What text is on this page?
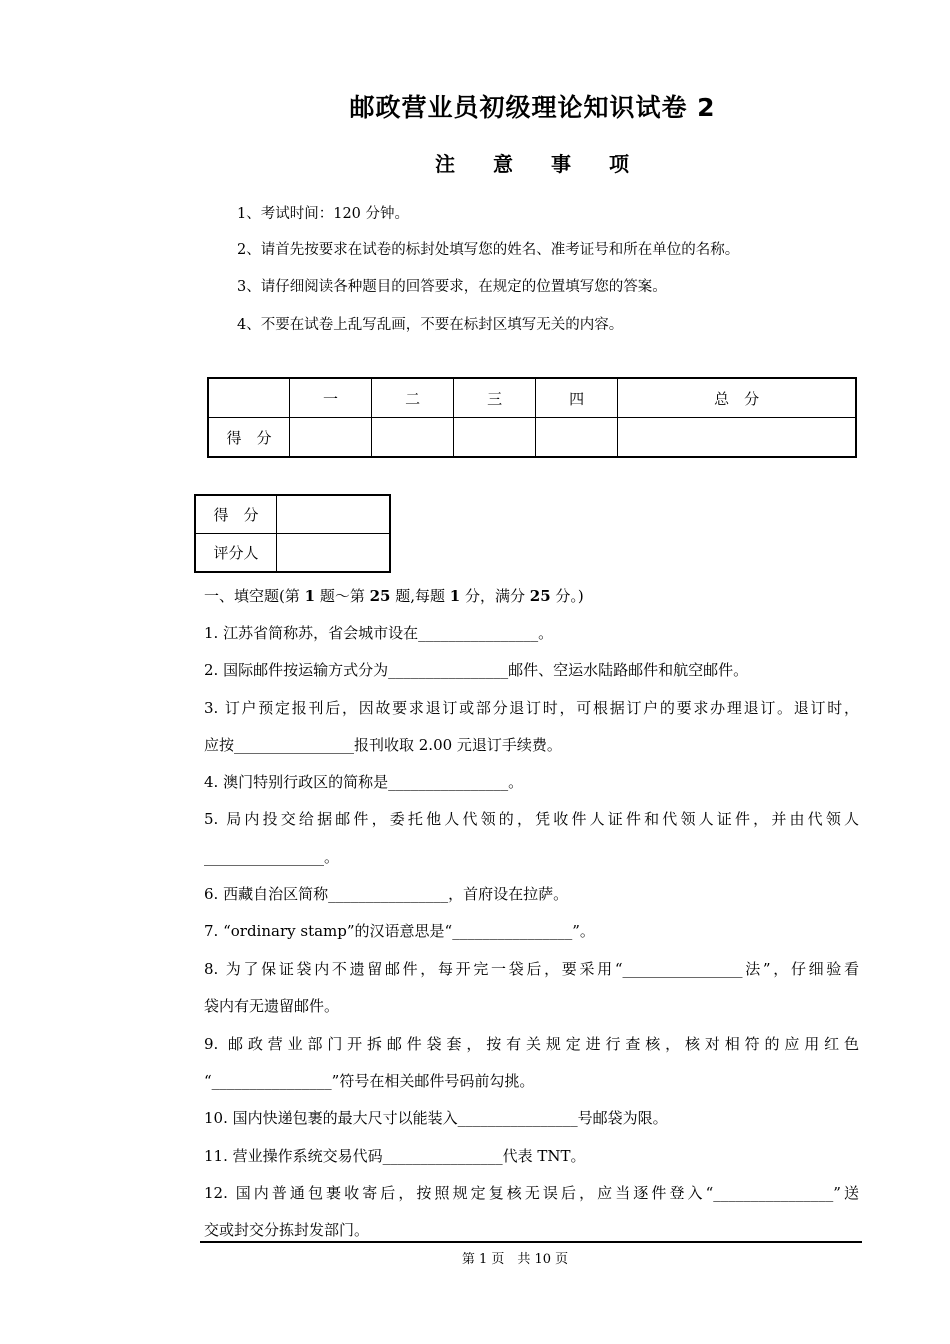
邮政营业员初级理论知识试卷 2
注意事项
1、考试时间：120 分钟。
2、请首先按要求在试卷的标封处填写您的姓名、准考证号和所在单位的名称。
3、请仔细阅读各种题目的回答要求，在规定的位置填写您的答案。
4、不要在试卷上乱写乱画，不要在标封区填写无关的内容。
	一	二	三	四	总　分
得　分					
得　分	
评分人	
一、填空题(第 1 题～第 25 题,每题 1 分，满分 25 分。)
1. 江苏省简称苏，省会城市设在________________。
2. 国际邮件按运输方式分为________________邮件、空运水陆路邮件和航空邮件。
3. 订户预定报刊后，因故要求退订或部分退订时，可根据订户的要求办理退订。退订时，
应按________________报刊收取 2.00 元退订手续费。
4. 澳门特别行政区的简称是________________。
5. 局内投交给据邮件，委托他人代领的，凭收件人证件和代领人证件，并由代领人
________________。
6. 西藏自治区简称________________，首府设在拉萨。
7. “ordinary stamp”的汉语意思是“________________”。
8. 为了保证袋内不遗留邮件，每开完一袋后，要采用“________________法”，仔细验看
袋内有无遗留邮件。
9. 邮政营业部门开拆邮件袋套，按有关规定进行查核，核对相符的应用红色
“________________”符号在相关邮件号码前勾挑。
10. 国内快递包裹的最大尺寸以能装入________________号邮袋为限。
11. 营业操作系统交易代码________________代表 TNT。
12. 国内普通包裹收寄后，按照规定复核无误后，应当逐件登入“________________”送
交或封交分拣封发部门。
第 1 页　共 10 页
